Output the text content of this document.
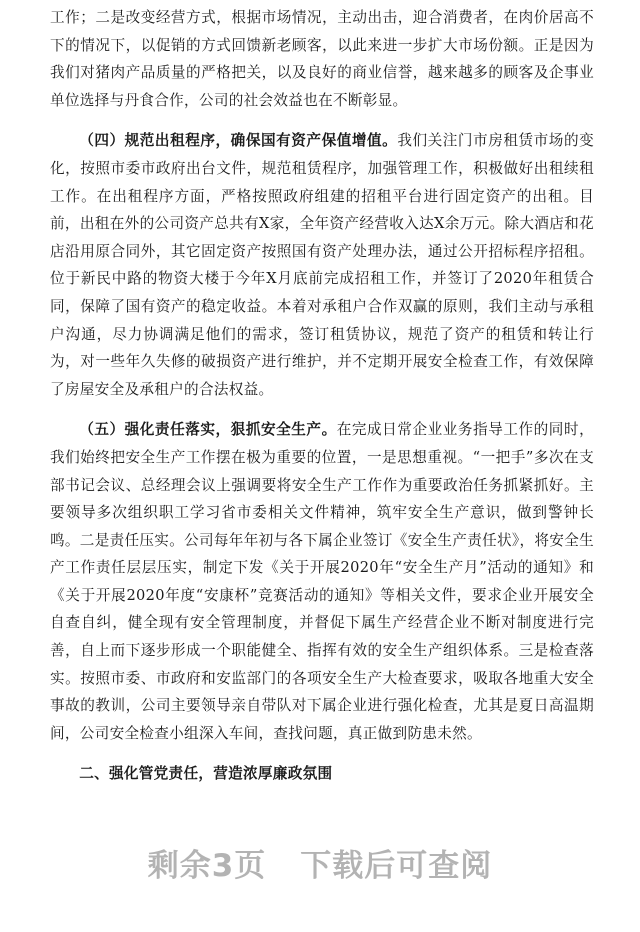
工作；二是改变经营方式，根据市场情况，主动出击，迎合消费者，在肉价居高不下的情况下，以促销的方式回馈新老顾客，以此来进一步扩大市场份额。正是因为我们对猪肉产品质量的严格把关，以及良好的商业信誉，越来越多的顾客及企事业单位选择与丹食合作，公司的社会效益也在不断彰显。

（四）规范出租程序，确保国有资产保值增值。我们关注门市房租赁市场的变化，按照市委市政府出台文件，规范租赁程序，加强管理工作，积极做好出租续租工作。在出租程序方面，严格按照政府组建的招租平台进行固定资产的出租。目前，出租在外的公司资产总共有X家，全年资产经营收入达X余万元。除大酒店和花店沿用原合同外，其它固定资产按照国有资产处理办法，通过公开招标程序招租。位于新民中路的物资大楼于今年X月底前完成招租工作，并签订了2020年租赁合同，保障了国有资产的稳定收益。本着对承租户合作双赢的原则，我们主动与承租户沟通，尽力协调满足他们的需求，签订租赁协议，规范了资产的租赁和转让行为，对一些年久失修的破损资产进行维护，并不定期开展安全检查工作，有效保障了房屋安全及承租户的合法权益。

（五）强化责任落实，狠抓安全生产。在完成日常企业业务指导工作的同时，我们始终把安全生产工作摆在极为重要的位置，一是思想重视。“一把手”多次在支部书记会议、总经理会议上强调要将安全生产工作作为重要政治任务抓紧抓好。主要领导多次组织职工学习省市委相关文件精神，筑牢安全生产意识，做到警钟长鸣。二是责任压实。公司每年年初与各下属企业签订《安全生产责任状》，将安全生产工作责任层层压实，制定下发《关于开展2020年“安全生产月”活动的通知》和《关于开展2020年度“安康杯”竞赛活动的通知》等相关文件，要求企业开展安全自查自纠，健全现有安全管理制度，并督促下属生产经营企业不断对制度进行完善，自上而下逐步形成一个职能健全、指挥有效的安全生产组织体系。三是检查落实。按照市委、市政府和安监部门的各项安全生产大检查要求，吸取各地重大安全事故的教训，公司主要领导亲自带队对下属企业进行强化检查，尤其是夏日高温期间，公司安全检查小组深入车间，查找问题，真正做到防患未然。

二、强化管党责任，营造浓厚廉政氛围

剩余3页 下载后可查阅
